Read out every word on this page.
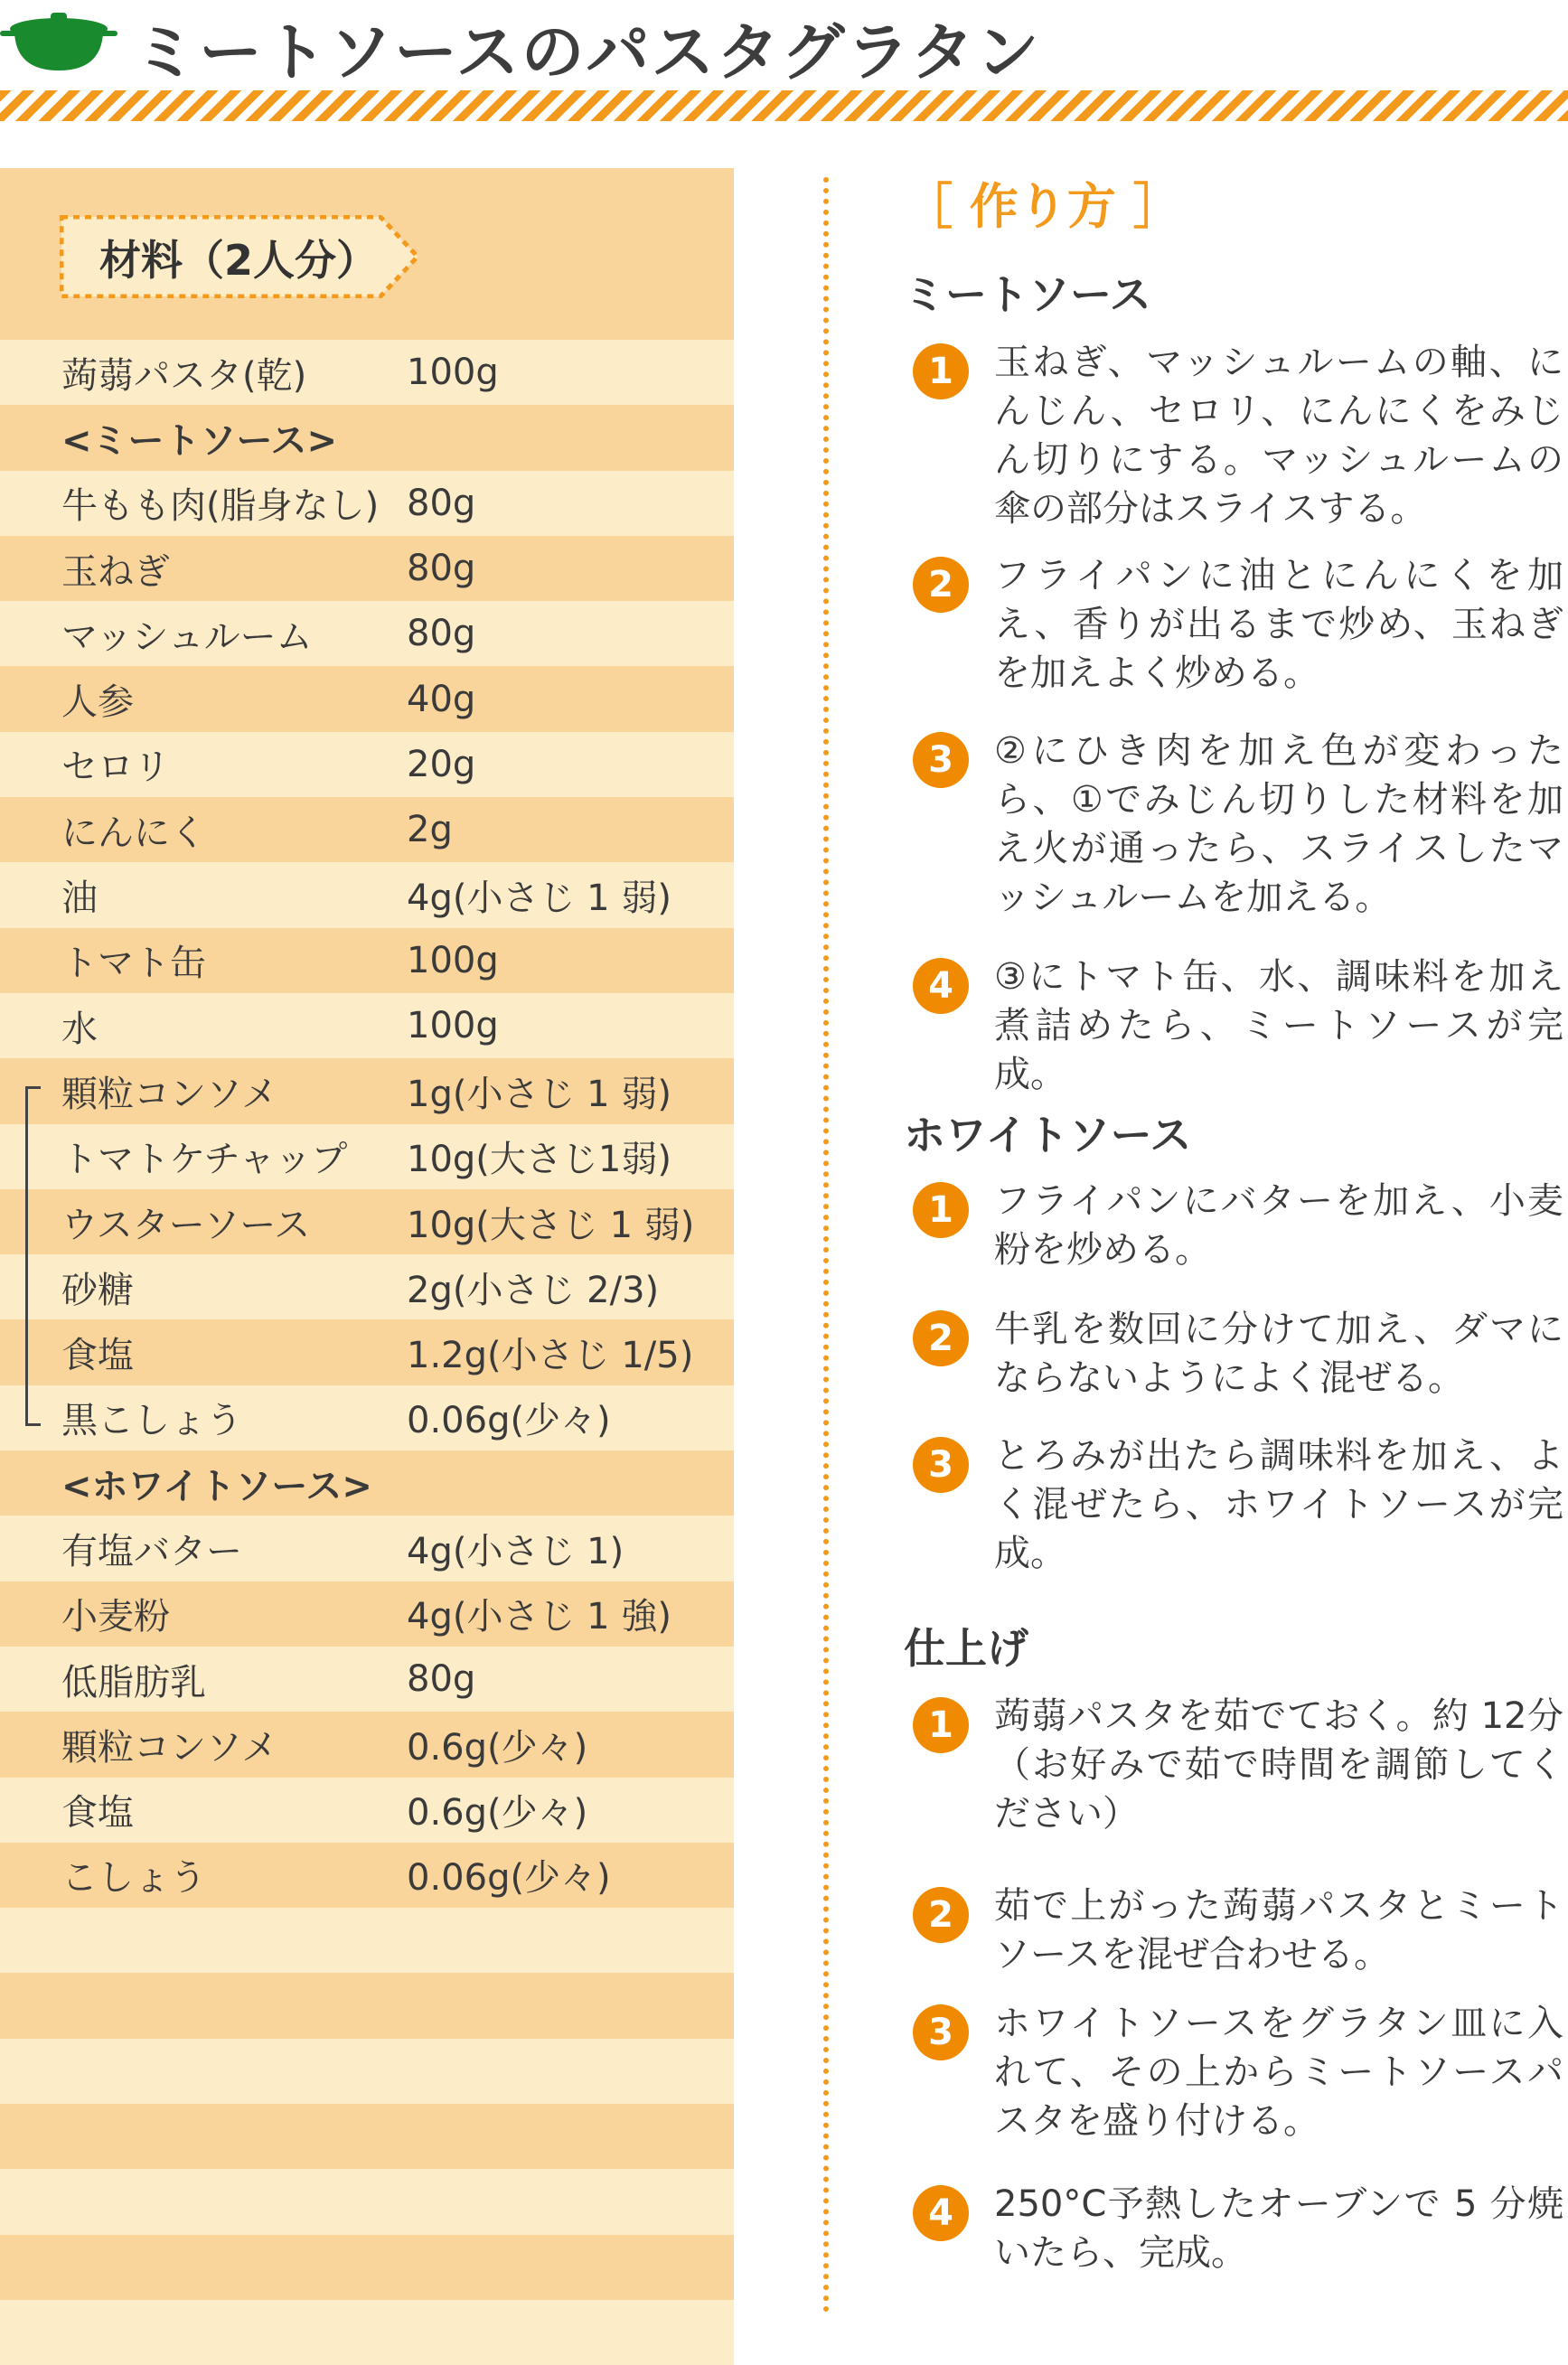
ミートソースのパスタグラタン
材料（2人分）
蒟蒻パスタ(乾)	100g
<ミートソース>
牛もも肉(脂身なし) 80g
玉ねぎ	80g
マッシュルーム	80g
人参	40g
セロリ	20g
にんにく	2g
油	4g(小さじ 1 弱)
トマト缶	100g
水	100g
顆粒コンソメ	1g(小さじ 1 弱)
トマトケチャップ 10g(大さじ1弱)
ウスターソース	10g(大さじ 1 弱)
砂糖	2g(小さじ 2/3)
食塩	1.2g(小さじ 1/5)
黒こしょう	0.06g(少々)
<ホワイトソース>
有塩バター	4g(小さじ 1)
小麦粉	4g(小さじ 1 強)
低脂肪乳	80g
顆粒コンソメ	0.6g(少々)
食塩	0.6g(少々)
こしょう	0.06g(少々)
［ 作り方 ］
ミートソース
1	玉ねぎ、マッシュルームの軸、にんじん、セロリ、にんにくをみじん切りにする。マッシュルームの傘の部分はスライスする。
2	フライパンに油とにんにくを加え、香りが出るまで炒め、玉ねぎを加えよく炒める。
3	②にひき肉を加え色が変わったら、①でみじん切りした材料を加え火が通ったら、スライスしたマッシュルームを加える。
4	③にトマト缶、水、調味料を加え煮詰めたら、ミートソースが完成。
ホワイトソース
1	フライパンにバターを加え、小麦粉を炒める。
2	牛乳を数回に分けて加え、ダマにならないようによく混ぜる。
3	とろみが出たら調味料を加え、よく混ぜたら、ホワイトソースが完成。
仕上げ
1	蒟蒻パスタを茹でておく。約 12分（お好みで茹で時間を調節してください）
2	茹で上がった蒟蒻パスタとミートソースを混ぜ合わせる。
3	ホワイトソースをグラタン皿に入れて、その上からミートソースパスタを盛り付ける。
4	250°C予熱したオーブンで 5 分焼いたら、完成。
